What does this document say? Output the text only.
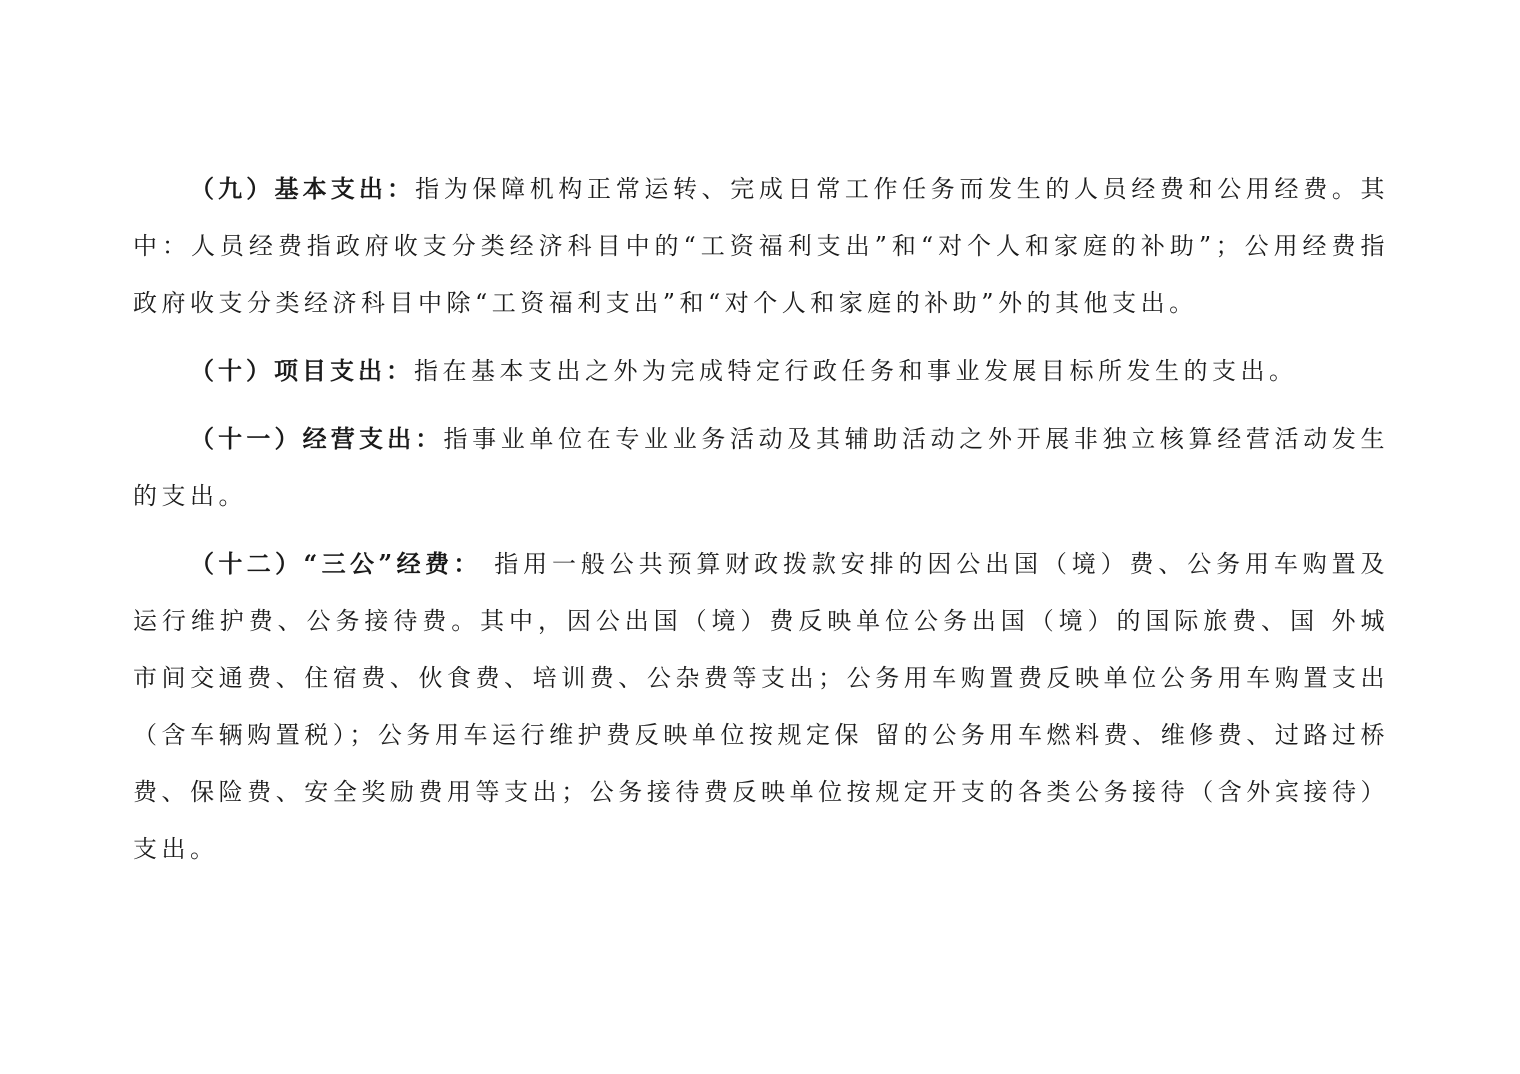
（九）基本支出：指为保障机构正常运转、完成日常工作任务而发生的人员经费和公用经费。其中：人员经费指政府收支分类经济科目中的“工资福利支出”和“对个人和家庭的补助”；公用经费指政府收支分类经济科目中除“工资福利支出”和“对个人和家庭的补助”外的其他支出。

（十）项目支出：指在基本支出之外为完成特定行政任务和事业发展目标所发生的支出。

（十一）经营支出：指事业单位在专业业务活动及其辅助活动之外开展非独立核算经营活动发生的支出。

（十二）“三公”经费： 指用一般公共预算财政拨款安排的因公出国（境）费、公务用车购置及运行维护费、公务接待费。其中，因公出国（境）费反映单位公务出国（境）的国际旅费、国 外城市间交通费、住宿费、伙食费、培训费、公杂费等支出；公务用车购置费反映单位公务用车购置支出（含车辆购置税）；公务用车运行维护费反映单位按规定保 留的公务用车燃料费、维修费、过路过桥费、保险费、安全奖励费用等支出；公务接待费反映单位按规定开支的各类公务接待（含外宾接待）支出。
